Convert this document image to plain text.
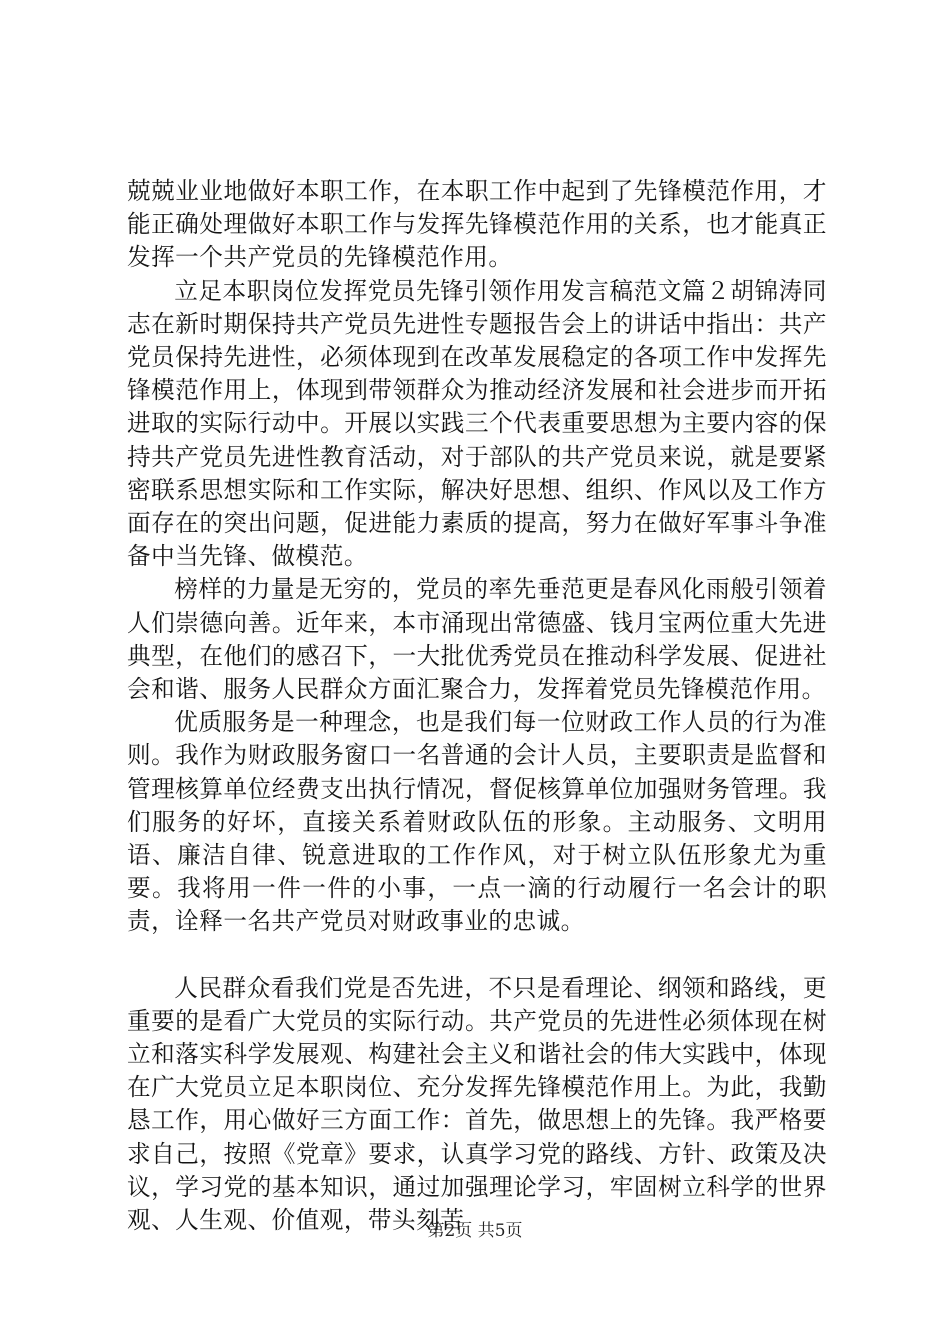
兢兢业业地做好本职工作，在本职工作中起到了先锋模范作用，才能正确处理做好本职工作与发挥先锋模范作用的关系，也才能真正发挥一个共产党员的先锋模范作用。

立足本职岗位发挥党员先锋引领作用发言稿范文篇２胡锦涛同志在新时期保持共产党员先进性专题报告会上的讲话中指出：共产党员保持先进性，必须体现到在改革发展稳定的各项工作中发挥先锋模范作用上，体现到带领群众为推动经济发展和社会进步而开拓进取的实际行动中。开展以实践三个代表重要思想为主要内容的保持共产党员先进性教育活动，对于部队的共产党员来说，就是要紧密联系思想实际和工作实际，解决好思想、组织、作风以及工作方面存在的突出问题，促进能力素质的提高，努力在做好军事斗争准备中当先锋、做模范。

榜样的力量是无穷的，党员的率先垂范更是春风化雨般引领着人们崇德向善。近年来，本市涌现出常德盛、钱月宝两位重大先进典型，在他们的感召下，一大批优秀党员在推动科学发展、促进社会和谐、服务人民群众方面汇聚合力，发挥着党员先锋模范作用。

优质服务是一种理念，也是我们每一位财政工作人员的行为准则。我作为财政服务窗口一名普通的会计人员，主要职责是监督和管理核算单位经费支出执行情况，督促核算单位加强财务管理。我们服务的好坏，直接关系着财政队伍的形象。主动服务、文明用语、廉洁自律、锐意进取的工作作风，对于树立队伍形象尤为重要。我将用一件一件的小事，一点一滴的行动履行一名会计的职责，诠释一名共产党员对财政事业的忠诚。

人民群众看我们党是否先进，不只是看理论、纲领和路线，更重要的是看广大党员的实际行动。共产党员的先进性必须体现在树立和落实科学发展观、构建社会主义和谐社会的伟大实践中，体现在广大党员立足本职岗位、充分发挥先锋模范作用上。为此，我勤恳工作，用心做好三方面工作：首先，做思想上的先锋。我严格要求自己，按照《党章》要求，认真学习党的路线、方针、政策及决议，学习党的基本知识，通过加强理论学习，牢固树立科学的世界观、人生观、价值观，带头刻苦

第2页 共5页
